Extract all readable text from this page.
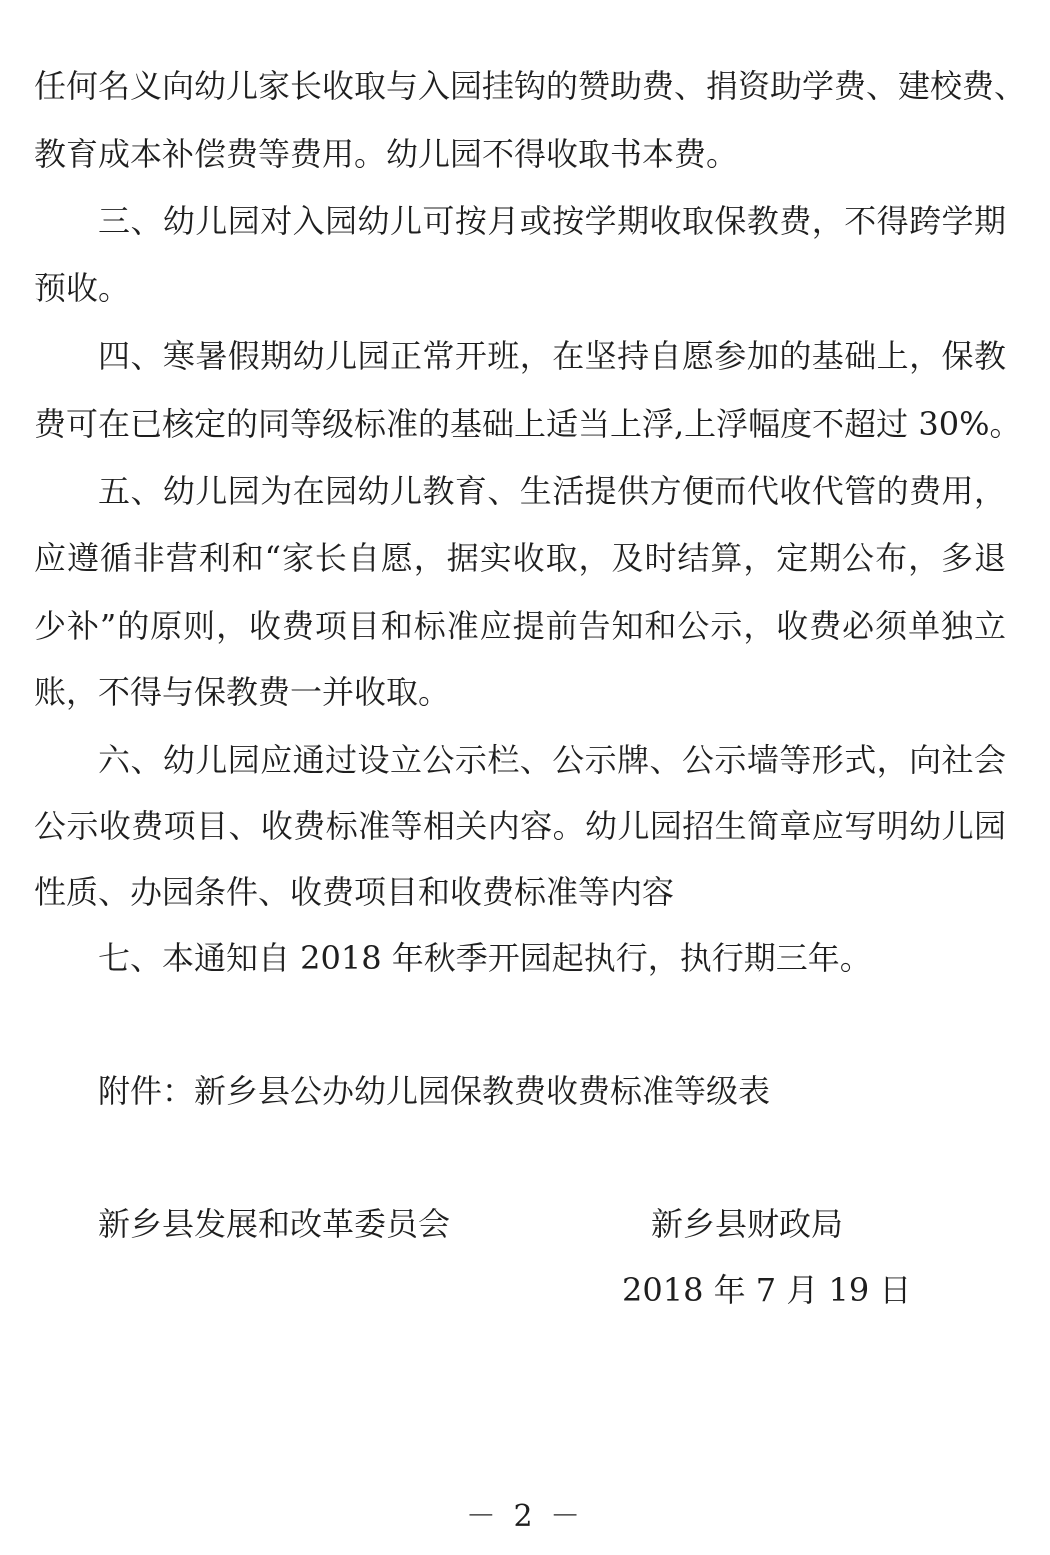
任何名义向幼儿家长收取与入园挂钩的赞助费、捐资助学费、建校费、
教育成本补偿费等费用。幼儿园不得收取书本费。
三、幼儿园对入园幼儿可按月或按学期收取保教费，不得跨学期
预收。
四、寒暑假期幼儿园正常开班，在坚持自愿参加的基础上，保教
费可在已核定的同等级标准的基础上适当上浮,上浮幅度不超过 30%。
五、幼儿园为在园幼儿教育、生活提供方便而代收代管的费用，
应遵循非营利和“家长自愿，据实收取，及时结算，定期公布，多退
少补”的原则，收费项目和标准应提前告知和公示，收费必须单独立
账，不得与保教费一并收取。
六、幼儿园应通过设立公示栏、公示牌、公示墙等形式，向社会
公示收费项目、收费标准等相关内容。幼儿园招生简章应写明幼儿园
性质、办园条件、收费项目和收费标准等内容
七、本通知自 2018 年秋季开园起执行，执行期三年。
附件：新乡县公办幼儿园保教费收费标准等级表
新乡县发展和改革委员会	新乡县财政局
2018 年 7 月 19 日
－ 2 －
